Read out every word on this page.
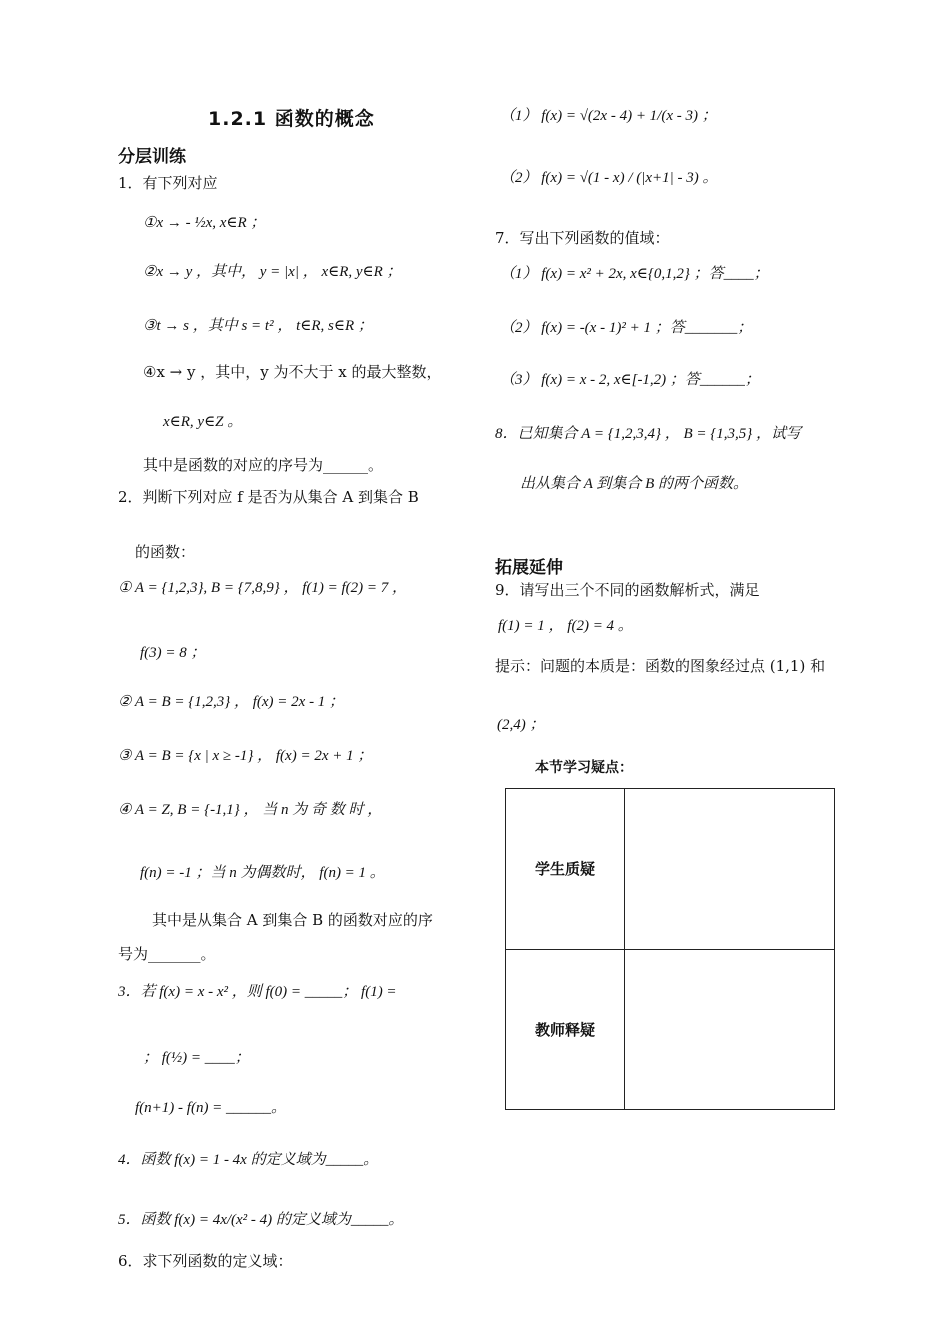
1.2.1 函数的概念
分层训练
1．有下列对应
①x → - ½x, x∈R ；
②x → y ，其中， y = |x| ， x∈R, y∈R ；
③t → s ，其中 s = t² ， t∈R, s∈R ；
④x → y ，其中，y 为不大于 x 的最大整数，
x∈R, y∈Z 。
其中是函数的对应的序号为______。
2．判断下列对应 f 是否为从集合 A 到集合 B
的函数：
① A = {1,2,3}, B = {7,8,9} ， f(1) = f(2) = 7 ，
f(3) = 8 ；
② A = B = {1,2,3} ， f(x) = 2x - 1 ；
③ A = B = {x | x ≥ -1} ， f(x) = 2x + 1 ；
④ A = Z, B = {-1,1} ， 当 n 为 奇 数 时 ，
f(n) = -1 ；当 n 为偶数时， f(n) = 1 。
其中是从集合 A 到集合 B 的函数对应的序
号为_______。
3．若 f(x) = x - x² ，则 f(0) = _____； f(1) =
； f(½) = ____；
f(n+1) - f(n) = ______。
4．函数 f(x) = 1 - 4x 的定义域为_____。
5．函数 f(x) = 4x/(x² - 4) 的定义域为_____。
6．求下列函数的定义域：
（1） f(x) = √(2x - 4) + 1/(x - 3) ；
（2） f(x) = √(1 - x) / (|x+1| - 3) 。
7．写出下列函数的值域：
（1） f(x) = x² + 2x, x∈{0,1,2} ；答____；
（2） f(x) = -(x - 1)² + 1 ；答_______；
（3） f(x) = x - 2, x∈[-1,2) ；答______；
8．已知集合 A = {1,2,3,4} ， B = {1,3,5} ，试写
出从集合 A 到集合 B 的两个函数。
拓展延伸
9．请写出三个不同的函数解析式，满足
f(1) = 1 ， f(2) = 4 。
提示：问题的本质是：函数的图象经过点 (1,1) 和
(2,4) ；
本节学习疑点：
学生质疑	
教师释疑	
